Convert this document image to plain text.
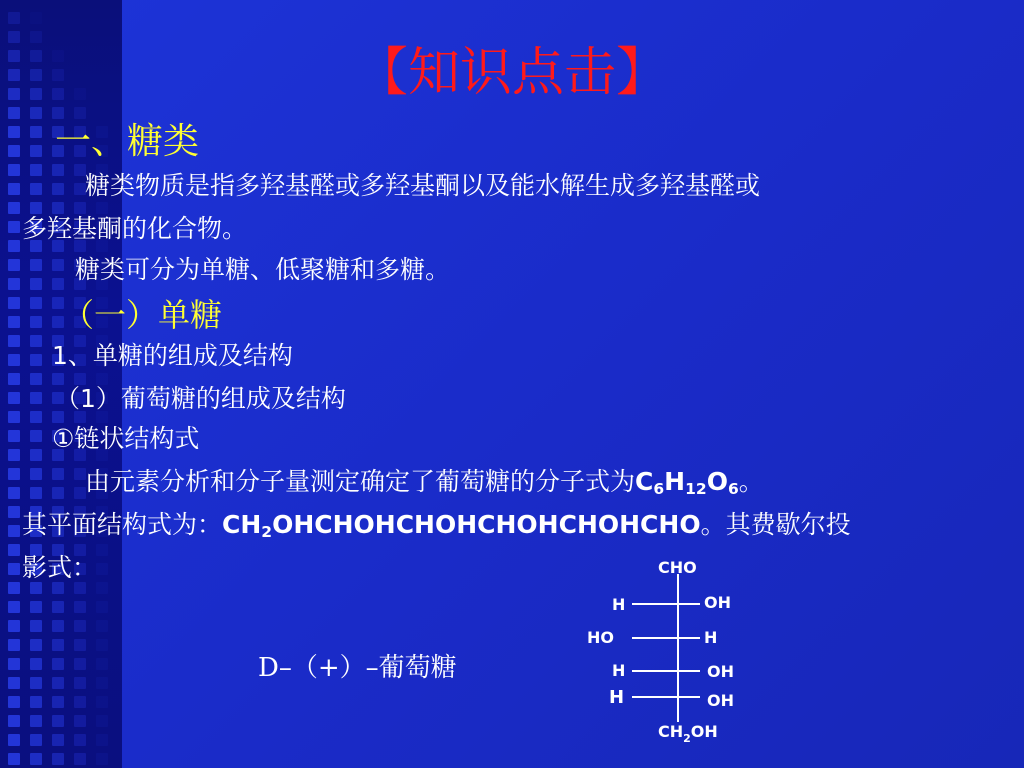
【知识点击】
一、糖类
糖类物质是指多羟基醛或多羟基酮以及能水解生成多羟基醛或
多羟基酮的化合物。
糖类可分为单糖、低聚糖和多糖。
（一）单糖
1、单糖的组成及结构
（1）葡萄糖的组成及结构
①链状结构式
由元素分析和分子量测定确定了葡萄糖的分子式为C6H12O6。
其平面结构式为：CH2OHCHOHCHOHCHOHCHOHCHO。其费歇尔投
影式：
D–（+）–葡萄糖
CHO
H	OH
HO	H
H	OH
H	OH
$CH_2OH$
